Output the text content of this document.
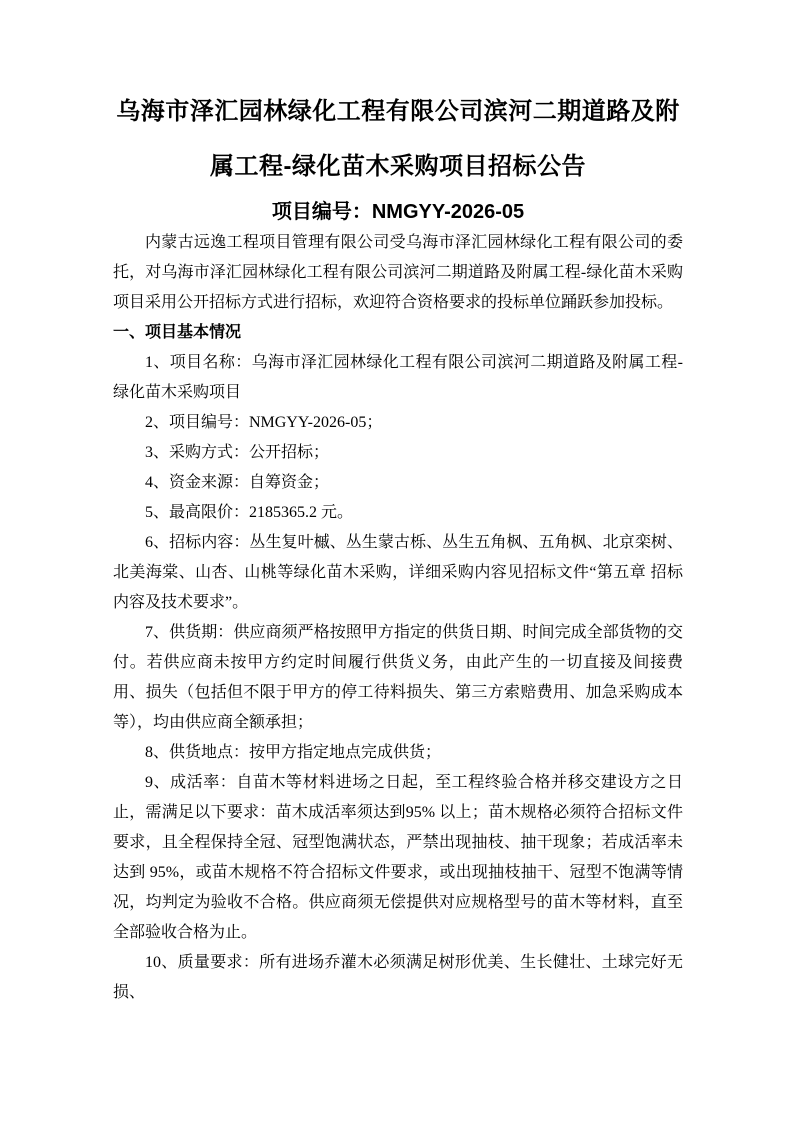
乌海市泽汇园林绿化工程有限公司滨河二期道路及附属工程-绿化苗木采购项目招标公告
项目编号：NMGYY-2026-05

内蒙古远逸工程项目管理有限公司受乌海市泽汇园林绿化工程有限公司的委托，对乌海市泽汇园林绿化工程有限公司滨河二期道路及附属工程-绿化苗木采购项目采用公开招标方式进行招标，欢迎符合资格要求的投标单位踊跃参加投标。

一、项目基本情况

1、项目名称：乌海市泽汇园林绿化工程有限公司滨河二期道路及附属工程-绿化苗木采购项目

2、项目编号：NMGYY-2026-05；

3、采购方式：公开招标；

4、资金来源：自筹资金；

5、最高限价：2185365.2 元。

6、招标内容：丛生复叶槭、丛生蒙古栎、丛生五角枫、五角枫、北京栾树、北美海棠、山杏、山桃等绿化苗木采购，详细采购内容见招标文件“第五章 招标内容及技术要求”。

7、供货期：供应商须严格按照甲方指定的供货日期、时间完成全部货物的交付。若供应商未按甲方约定时间履行供货义务，由此产生的一切直接及间接费用、损失（包括但不限于甲方的停工待料损失、第三方索赔费用、加急采购成本等），均由供应商全额承担；

8、供货地点：按甲方指定地点完成供货；

9、成活率：自苗木等材料进场之日起，至工程终验合格并移交建设方之日止，需满足以下要求：苗木成活率须达到95% 以上；苗木规格必须符合招标文件要求，且全程保持全冠、冠型饱满状态，严禁出现抽枝、抽干现象；若成活率未达到 95%，或苗木规格不符合招标文件要求，或出现抽枝抽干、冠型不饱满等情况，均判定为验收不合格。供应商须无偿提供对应规格型号的苗木等材料，直至全部验收合格为止。

10、质量要求：所有进场乔灌木必须满足树形优美、生长健壮、土球完好无损、
